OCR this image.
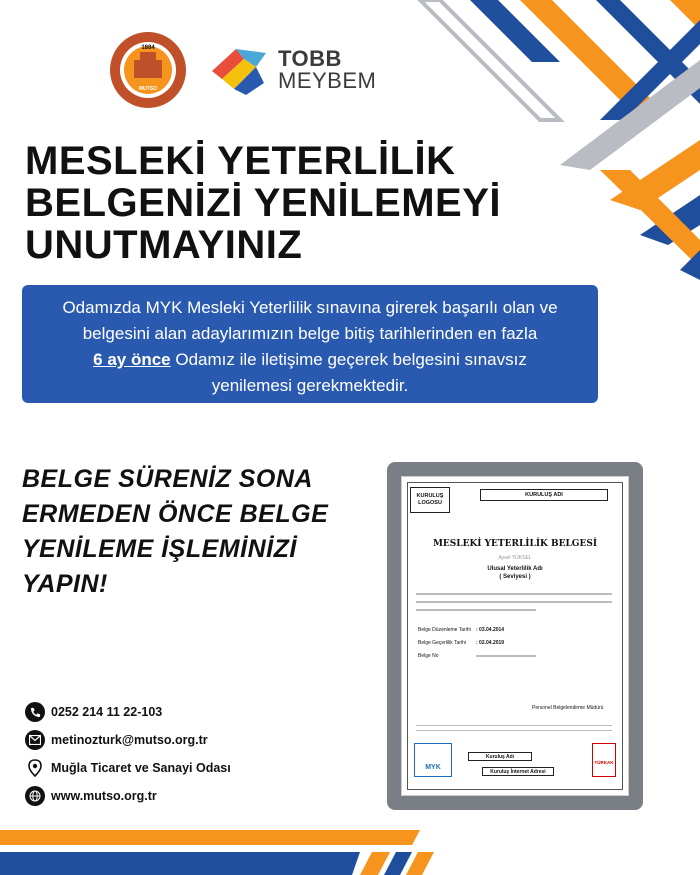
1884
MUTSO
TOBB
MEYBEM
MESLEKİ YETERLİLİK
BELGENİZİ YENİLEMEYİ
UNUTMAYINIZ
Odamızda MYK Mesleki Yeterlilik sınavına girerek başarılı olan ve
belgesini alan adaylarımızın belge bitiş tarihlerinden en fazla
6 ay önce Odamız ile iletişime geçerek belgesini sınavsız
yenilemesi gerekmektedir.
BELGE SÜRENİZ SONA
ERMEDEN ÖNCE BELGE
YENİLEME İŞLEMİNİZİ
YAPIN!
0252 214 11 22-103
metinozturk@mutso.org.tr
Muğla Ticaret ve Sanayi Odası
www.mutso.org.tr
KURULUŞ LOGOSU
KURULUŞ ADI
MESLEKİ YETERLİLİK BELGESİ
Aysel YÜKSEL
Ulusal Yeterlilik Adı
( Seviyesi )
Belge Düzenleme Tarihi	: 03.04.2014
Belge Geçerlilik Tarihi	: 02.04.2019
Belge No
Personel Belgelendirme Müdürü
MYK
Kuruluş Adı
Kuruluş İnternet Adresi
TÜRKAK
